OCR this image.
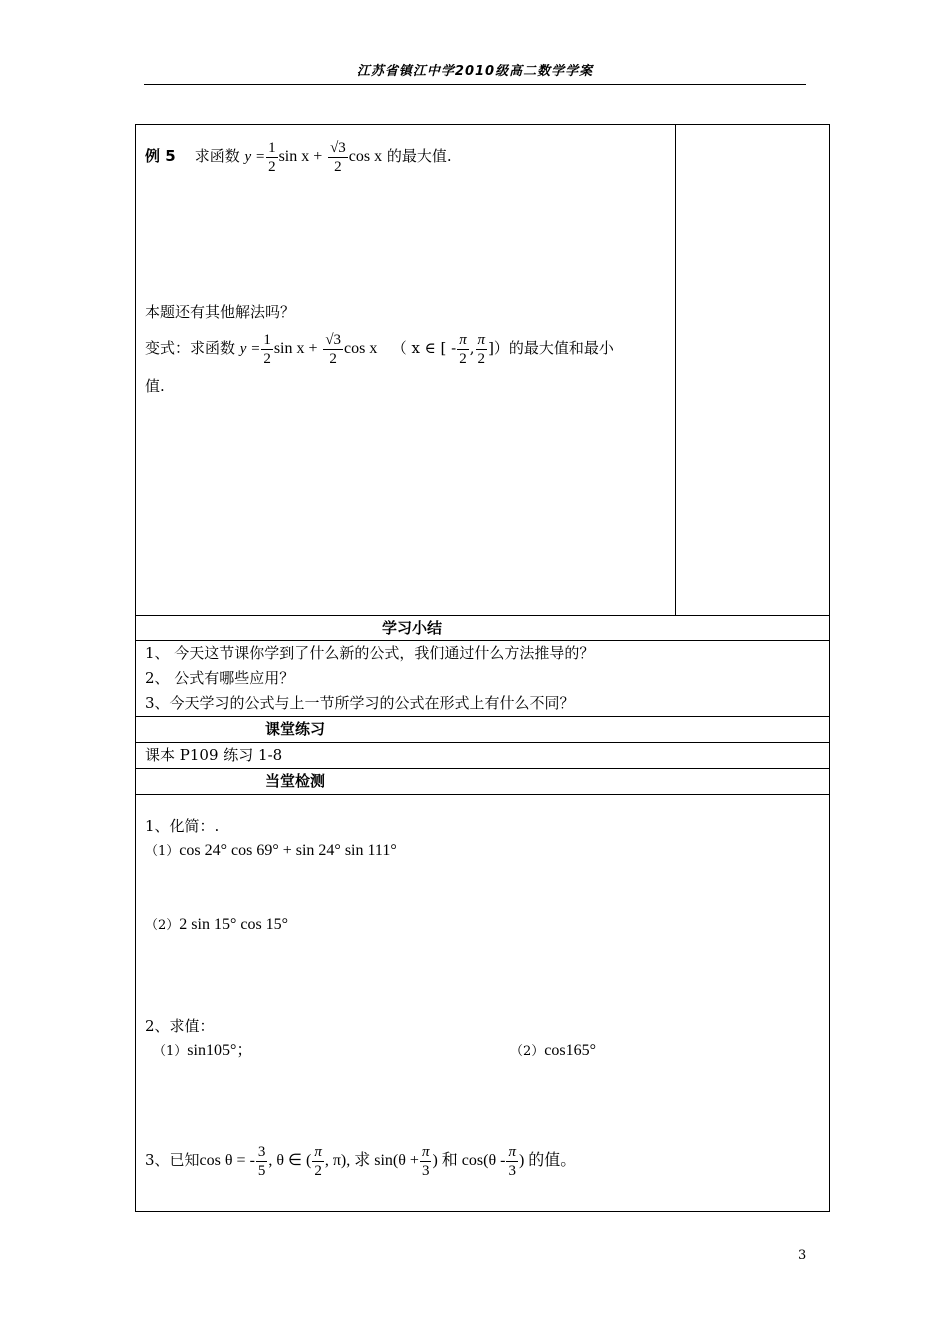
江苏省镇江中学2010级高二数学学案
例 5 求函数 $y = \frac{1}{2}$ $\sin x + \frac{√3}{2}$ cos x 的最大值.
本题还有其他解法吗？
变式：求函数 $y = \frac{1}{2}$ $\sin x + \frac{√3}{2}$ cos x （ x ∈ [ - $\frac{\pi}{2}$ , $\frac{\pi}{2}$ ]）的最大值和最小
值.
学习小结
1、 今天这节课你学到了什么新的公式，我们通过什么方法推导的？
2、 公式有哪些应用？
3、今天学习的公式与上一节所学习的公式在形式上有什么不同？
课堂练习
课本 P109 练习 1-8
当堂检测
1、化简：.
（1）cos 24° cos 69° + sin 24° sin 111°
（2）2 sin 15° cos 15°
2、求值：
（1）sin105°；	（2）cos165°
3、已知cos θ = - $\frac{3}{5}$ , θ ∈ ( $\frac{\pi}{2}$ , π), 求 $\sin(\theta + \frac{\pi}{3}$ ) 和 $\cos(\theta - \frac{\pi}{3}$ ) 的值。
3
